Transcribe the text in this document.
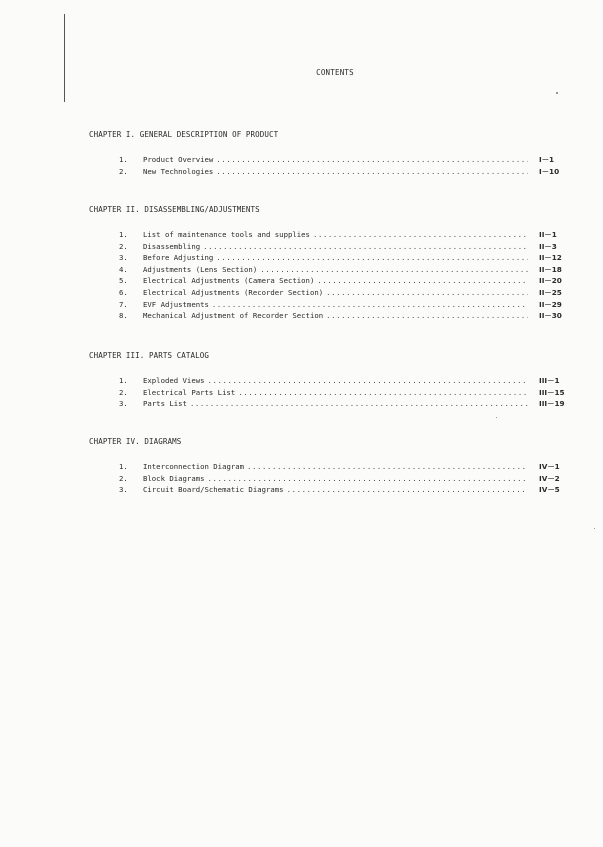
CONTENTS
CHAPTER I. GENERAL DESCRIPTION OF PRODUCT
1.	Product Overview .....	I－1
2.	New Technologies .....	I－10
CHAPTER II. DISASSEMBLING/ADJUSTMENTS
1.	List of maintenance tools and supplies .....	II－1
2.	Disassembling .....	II－3
3.	Before Adjusting .....	II－12
4.	Adjustments (Lens Section) .....	II－18
5.	Electrical Adjustments (Camera Section) .....	II－20
6.	Electrical Adjustments (Recorder Section) .....	II－25
7.	EVF Adjustments .....	II－29
8.	Mechanical Adjustment of Recorder Section .....	II－30
CHAPTER III. PARTS CATALOG
1.	Exploded Views .....	III－1
2.	Electrical Parts List .....	III－15
3.	Parts List .....	III－19
CHAPTER IV. DIAGRAMS
1.	Interconnection Diagram .....	IV－1
2.	Block Diagrams .....	IV－2
3.	Circuit Board/Schematic Diagrams .....	IV－5
